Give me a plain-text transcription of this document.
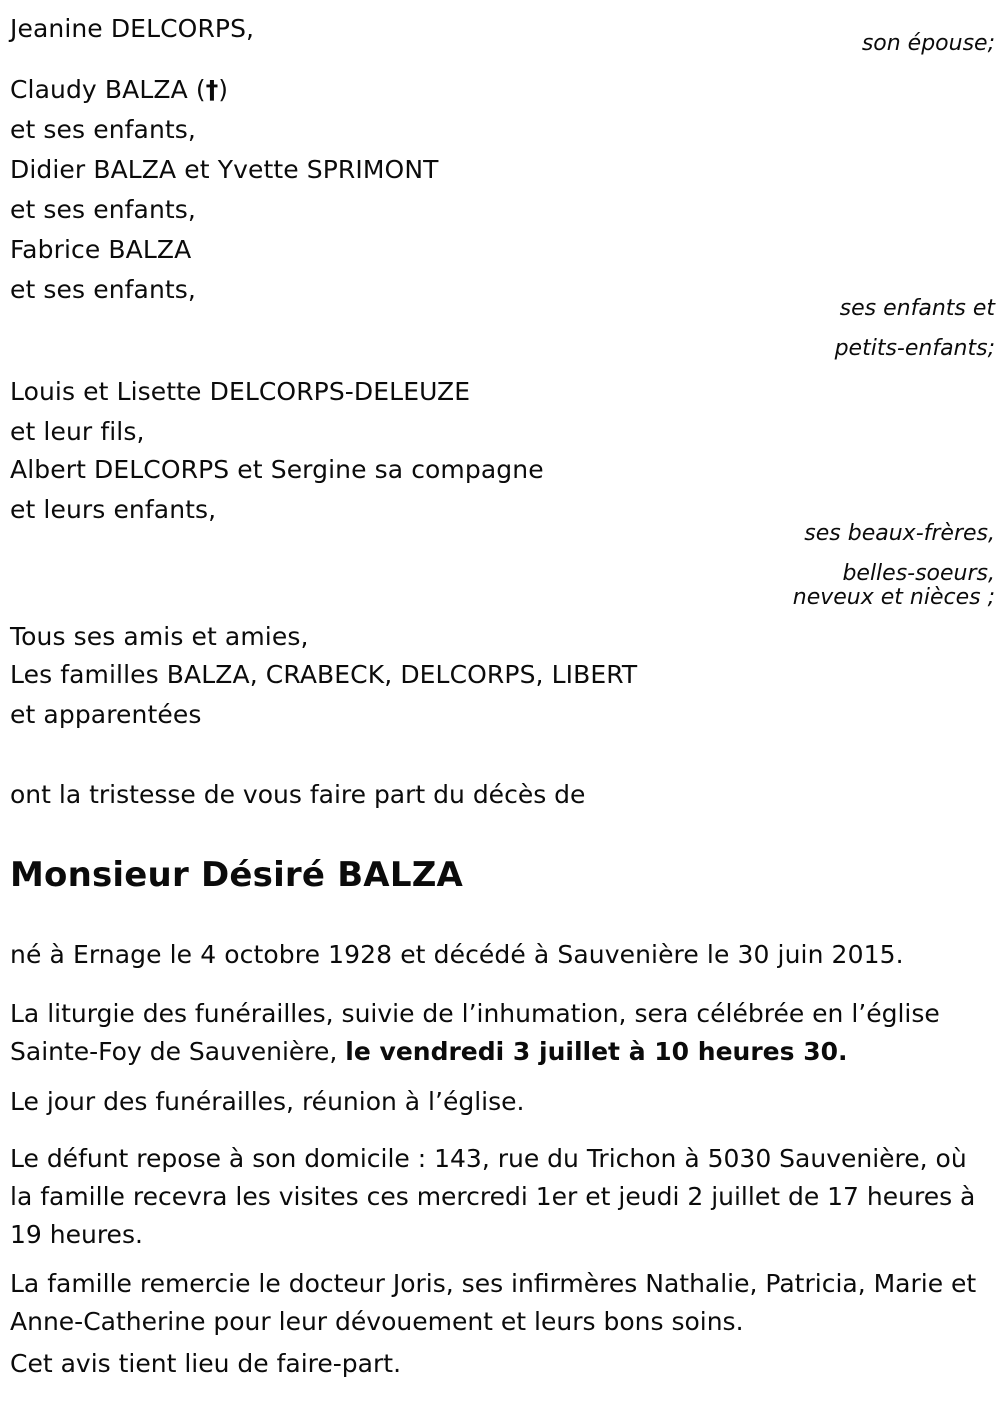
Jeanine DELCORPS,
son épouse;
Claudy BALZA (†)
et ses enfants,
Didier BALZA et Yvette SPRIMONT
et ses enfants,
Fabrice BALZA
et ses enfants,
ses enfants et
petits-enfants;
Louis et Lisette DELCORPS-DELEUZE
et leur fils,
Albert DELCORPS et Sergine sa compagne
et leurs enfants,
ses beaux-frères,
belles-soeurs,
neveux et nièces ;
Tous ses amis et amies,
Les familles BALZA, CRABECK, DELCORPS, LIBERT
et apparentées
ont la tristesse de vous faire part du décès de
Monsieur Désiré BALZA
né à Ernage le 4 octobre 1928 et décédé à Sauvenière le 30 juin 2015.
La liturgie des funérailles, suivie de l’inhumation, sera célébrée en l’église Sainte-Foy de Sauvenière, le vendredi 3 juillet à 10 heures 30.
Le jour des funérailles, réunion à l’église.
Le défunt repose à son domicile : 143, rue du Trichon à 5030 Sauvenière, où la famille recevra les visites ces mercredi 1er et jeudi 2 juillet de 17 heures à 19 heures.
La famille remercie le docteur Joris, ses infirmères Nathalie, Patricia, Marie et Anne-Catherine pour leur dévouement et leurs bons soins.
Cet avis tient lieu de faire-part.
